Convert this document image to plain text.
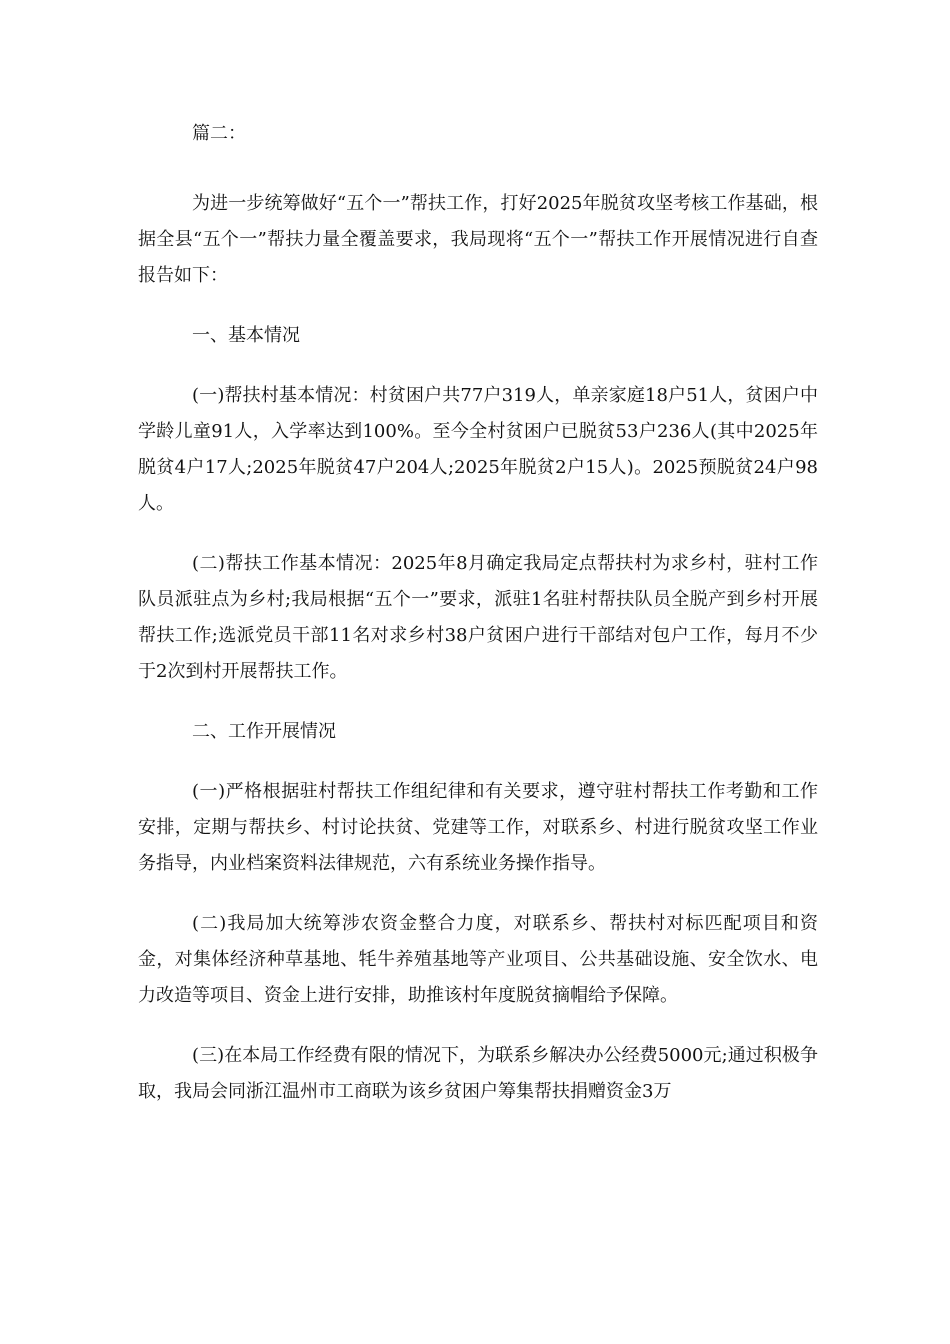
篇二：

为进一步统筹做好“五个一”帮扶工作，打好2025年脱贫攻坚考核工作基础，根据全县“五个一”帮扶力量全覆盖要求，我局现将“五个一”帮扶工作开展情况进行自查报告如下：

一、基本情况

(一)帮扶村基本情况：村贫困户共77户319人，单亲家庭18户51人，贫困户中学龄儿童91人，入学率达到100%。至今全村贫困户已脱贫53户236人(其中2025年脱贫4户17人;2025年脱贫47户204人;2025年脱贫2户15人)。2025预脱贫24户98人。

(二)帮扶工作基本情况：2025年8月确定我局定点帮扶村为求乡村，驻村工作队员派驻点为乡村;我局根据“五个一”要求，派驻1名驻村帮扶队员全脱产到乡村开展帮扶工作;选派党员干部11名对求乡村38户贫困户进行干部结对包户工作，每月不少于2次到村开展帮扶工作。

二、工作开展情况

(一)严格根据驻村帮扶工作组纪律和有关要求，遵守驻村帮扶工作考勤和工作安排，定期与帮扶乡、村讨论扶贫、党建等工作，对联系乡、村进行脱贫攻坚工作业务指导，内业档案资料法律规范，六有系统业务操作指导。

(二)我局加大统筹涉农资金整合力度，对联系乡、帮扶村对标匹配项目和资金，对集体经济种草基地、牦牛养殖基地等产业项目、公共基础设施、安全饮水、电力改造等项目、资金上进行安排，助推该村年度脱贫摘帽给予保障。

(三)在本局工作经费有限的情况下，为联系乡解决办公经费5000元;通过积极争取，我局会同浙江温州市工商联为该乡贫困户筹集帮扶捐赠资金3万
